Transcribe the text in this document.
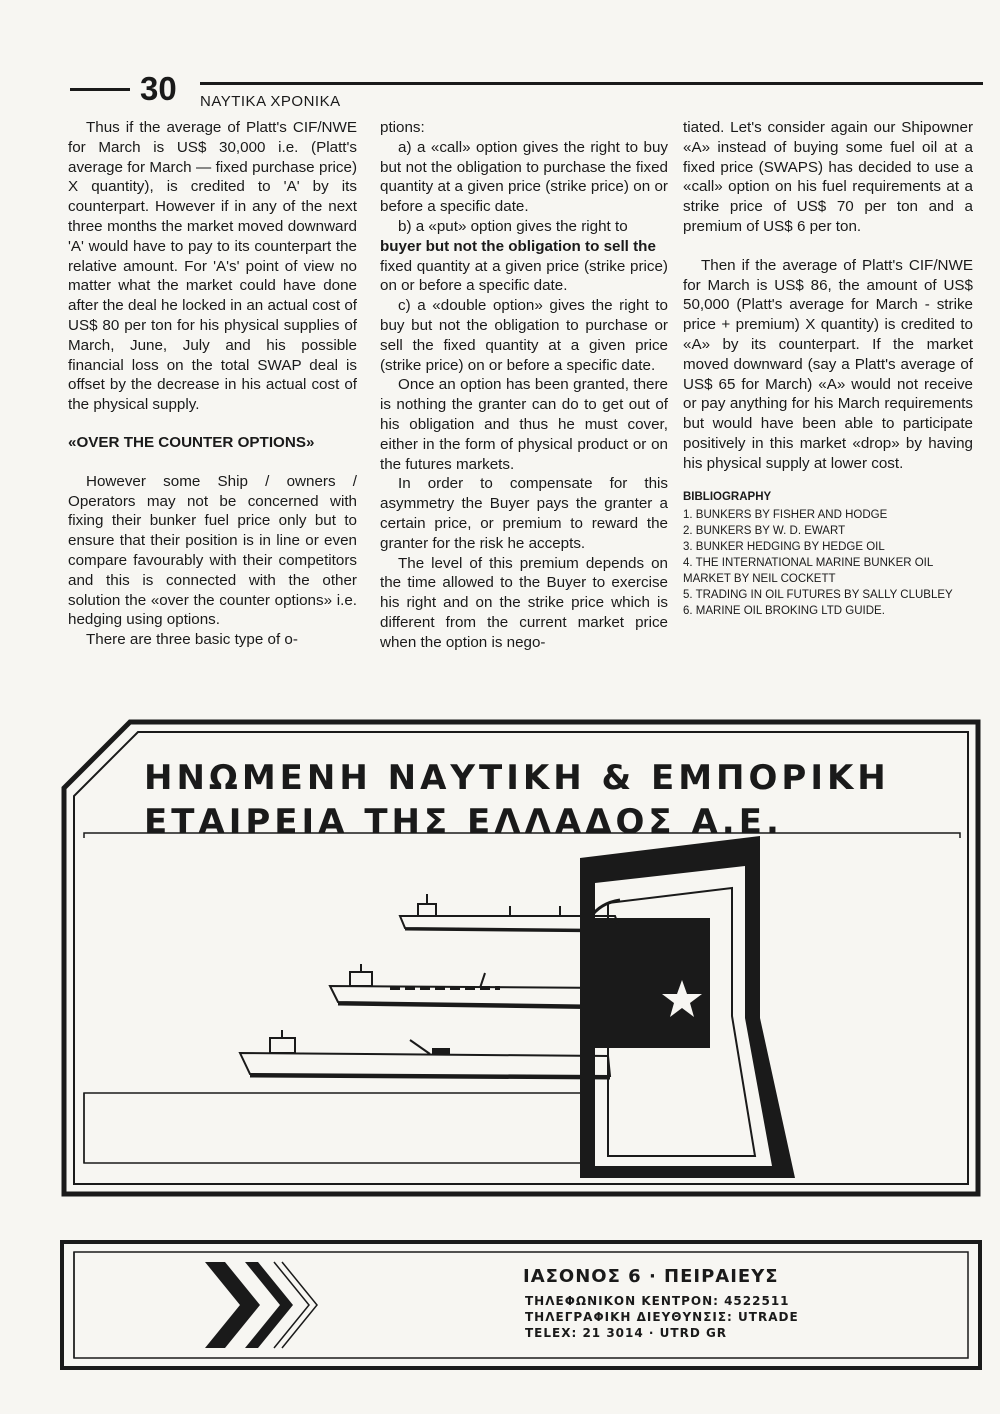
30 ΝΑΥΤΙΚΑ ΧΡΟΝΙΚΑ

Thus if the average of Platt's CIF/NWE for March is US$ 30,000 i.e. (Platt's average for March — fixed purchase price) X quantity), is credited to 'A' by its counterpart. However if in any of the next three months the market moved downward 'A' would have to pay to its counterpart the relative amount. For 'A's' point of view no matter what the market could have done after the deal he locked in an actual cost of US$ 80 per ton for his physical supplies of March, June, July and his possible financial loss on the total SWAP deal is offset by the decrease in his actual cost of the physical supply.

«OVER THE COUNTER OPTIONS»

However some Ship / owners / Operators may not be concerned with fixing their bunker fuel price only but to ensure that their position is in line or even compare favourably with their competitors and this is connected with the other solution the «over the counter options» i.e. hedging using options.

There are three basic type of o-

ptions:

a) a «call» option gives the right to buy but not the obligation to purchase the fixed quantity at a given price (strike price) on or before a specific date.

b) a «put» option gives the right to

buyer but not the obligation to sell the

fixed quantity at a given price (strike price) on or before a specific date.

c) a «double option» gives the right to buy but not the obligation to purchase or sell the fixed quantity at a given price (strike price) on or before a specific date.

Once an option has been granted, there is nothing the granter can do to get out of his obligation and thus he must cover, either in the form of physical product or on the futures markets.

In order to compensate for this asymmetry the Buyer pays the granter a certain price, or premium to reward the granter for the risk he accepts.

The level of this premium depends on the time allowed to the Buyer to exercise his right and on the strike price which is different from the current market price when the option is nego-

tiated. Let's consider again our Shipowner «A» instead of buying some fuel oil at a fixed price (SWAPS) has decided to use a «call» option on his fuel requirements at a strike price of US$ 70 per ton and a premium of US$ 6 per ton.

Then if the average of Platt's CIF/NWE for March is US$ 86, the amount of US$ 50,000 (Platt's average for March - strike price + premium) X quantity) is credited to «A» by its counterpart. If the market moved downward (say a Platt's average of US$ 65 for March) «A» would not receive or pay anything for his March requirements but would have been able to participate positively in this market «drop» by having his physical supply at lower cost.

BIBLIOGRAPHY

1. BUNKERS BY FISHER AND HODGE
2. BUNKERS BY W. D. EWART
3. BUNKER HEDGING BY HEDGE OIL
4. THE INTERNATIONAL MARINE BUNKER OIL MARKET BY NEIL COCKETT
5. TRADING IN OIL FUTURES BY SALLY CLUBLEY
6. MARINE OIL BROKING LTD GUIDE.
ΗΝΩΜΕΝΗ ΝΑΥΤΙΚΗ & ΕΜΠΟΡΙΚΗ
ΕΤΑΙΡΕΙΑ ΤΗΣ ΕΛΛΑΔΟΣ Α.Ε.
ΙΑΣΟΝΟΣ 6 · ΠΕΙΡΑΙΕΥΣ
ΤΗΛΕΦΩΝΙΚΟΝ ΚΕΝΤΡΟΝ: 4522511
ΤΗΛΕΓΡΑΦΙΚΗ ΔΙΕΥΘΥΝΣΙΣ: UTRADE
TELEX: 21 3014 · UTRD GR
